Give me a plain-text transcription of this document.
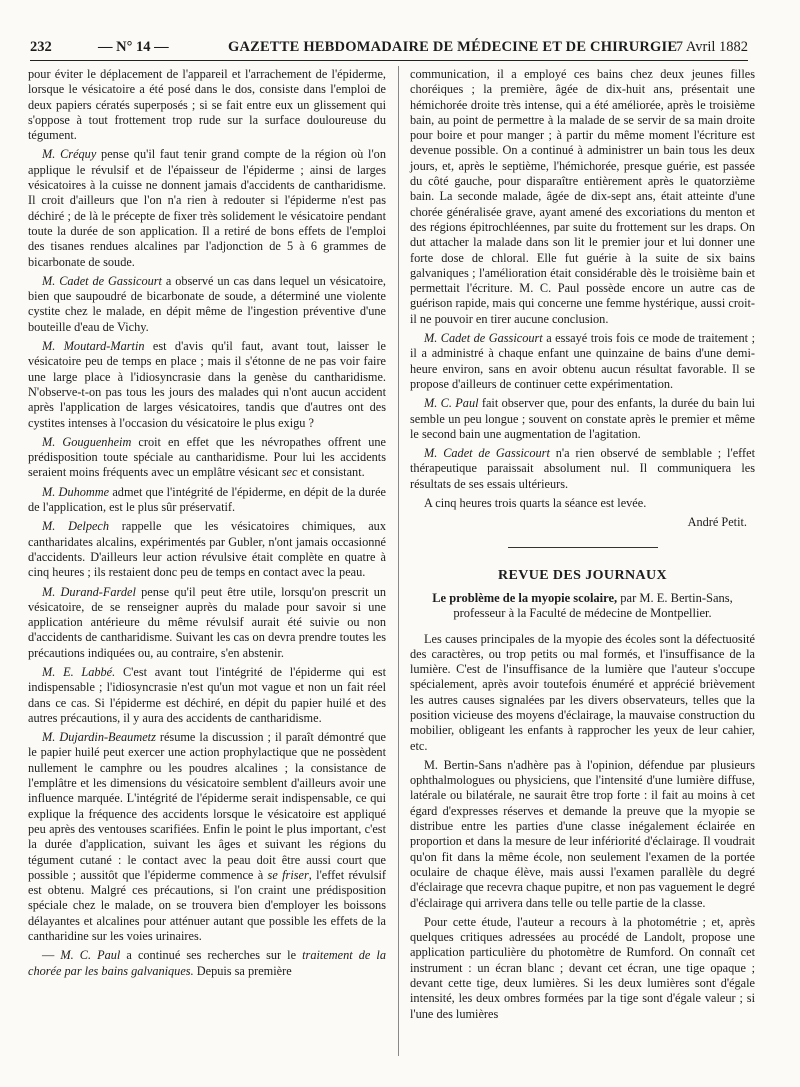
232	— N° 14 —	GAZETTE HEBDOMADAIRE DE MÉDECINE ET DE CHIRURGIE
7 Avril 1882

pour éviter le déplacement de l'appareil et l'arrachement de l'épiderme, lorsque le vésicatoire a été posé dans le dos, consiste dans l'emploi de deux papiers cératés superposés ; si se fait entre eux un glissement qui s'oppose à tout frottement trop rude sur la surface douloureuse du tégument.

M. Créquy pense qu'il faut tenir grand compte de la région où l'on applique le révulsif et de l'épaisseur de l'épiderme ; ainsi de larges vésicatoires à la cuisse ne donnent jamais d'accidents de cantharidisme. Il croit d'ailleurs que l'on n'a rien à redouter si l'épiderme n'est pas déchiré ; de là le précepte de fixer très solidement le vésicatoire pendant toute la durée de son application. Il a retiré de bons effets de l'emploi des tisanes rendues alcalines par l'adjonction de 5 à 6 grammes de bicarbonate de soude.

M. Cadet de Gassicourt a observé un cas dans lequel un vésicatoire, bien que saupoudré de bicarbonate de soude, a déterminé une violente cystite chez le malade, en dépit même de l'ingestion préventive d'une bouteille d'eau de Vichy.

M. Moutard-Martin est d'avis qu'il faut, avant tout, laisser le vésicatoire peu de temps en place ; mais il s'étonne de ne pas voir faire une large place à l'idiosyncrasie dans la genèse du cantharidisme. N'observe-t-on pas tous les jours des malades qui n'ont aucun accident après l'application de larges vésicatoires, tandis que d'autres ont des cystites intenses à l'occasion du vésicatoire le plus exigu ?

M. Gouguenheim croit en effet que les névropathes offrent une prédisposition toute spéciale au cantharidisme. Pour lui les accidents seraient moins fréquents avec un emplâtre vésicant sec et consistant.

M. Duhomme admet que l'intégrité de l'épiderme, en dépit de la durée de l'application, est le plus sûr préservatif.

M. Delpech rappelle que les vésicatoires chimiques, aux cantharidates alcalins, expérimentés par Gubler, n'ont jamais occasionné d'accidents. D'ailleurs leur action révulsive était complète en quatre à cinq heures ; ils restaient donc peu de temps en contact avec la peau.

M. Durand-Fardel pense qu'il peut être utile, lorsqu'on prescrit un vésicatoire, de se renseigner auprès du malade pour savoir si une application antérieure du même révulsif aurait été suivie ou non d'accidents de cantharidisme. Suivant les cas on devra prendre toutes les précautions indiquées ou, au contraire, s'en abstenir.

M. E. Labbé. C'est avant tout l'intégrité de l'épiderme qui est indispensable ; l'idiosyncrasie n'est qu'un mot vague et non un fait réel dans ce cas. Si l'épiderme est déchiré, en dépit du papier huilé et des autres précautions, il y aura des accidents de cantharidisme.

M. Dujardin-Beaumetz résume la discussion ; il paraît démontré que le papier huilé peut exercer une action prophylactique que ne possèdent nullement le camphre ou les poudres alcalines ; la consistance de l'emplâtre et les dimensions du vésicatoire semblent d'ailleurs avoir une influence marquée. L'intégrité de l'épiderme serait indispensable, ce qui explique la fréquence des accidents lorsque le vésicatoire est appliqué peu après des ventouses scarifiées. Enfin le point le plus important, c'est la durée d'application, suivant les âges et suivant les régions du tégument cutané : le contact avec la peau doit être aussi court que possible ; aussitôt que l'épiderme commence à se friser, l'effet révulsif est obtenu. Malgré ces précautions, si l'on craint une prédisposition spéciale chez le malade, on se trouvera bien d'employer les boissons délayantes et alcalines pour atténuer autant que possible les effets de la cantharidine sur les voies urinaires.

— M. C. Paul a continué ses recherches sur le traitement de la chorée par les bains galvaniques. Depuis sa première

communication, il a employé ces bains chez deux jeunes filles choréiques ; la première, âgée de dix-huit ans, présentait une hémichorée droite très intense, qui a été améliorée, après le troisième bain, au point de permettre à la malade de se servir de sa main droite pour boire et pour manger ; à partir du même moment l'écriture est devenue possible. On a continué à administrer un bain tous les deux jours, et, après le septième, l'hémichorée, presque guérie, est passée du côté gauche, pour disparaître entièrement après le quatorzième bain. La seconde malade, âgée de dix-sept ans, était atteinte d'une chorée généralisée grave, ayant amené des excoriations du menton et des régions épitrochléennes, par suite du frottement sur les draps. On dut attacher la malade dans son lit le premier jour et lui donner une forte dose de chloral. Elle fut guérie à la suite de six bains galvaniques ; l'amélioration était considérable dès le troisième bain et permettait l'écriture. M. C. Paul possède encore un autre cas de guérison rapide, mais qui concerne une femme hystérique, aussi croit-il ne pouvoir en tirer aucune conclusion.

M. Cadet de Gassicourt a essayé trois fois ce mode de traitement ; il a administré à chaque enfant une quinzaine de bains d'une demi-heure environ, sans en avoir obtenu aucun résultat favorable. Il se propose d'ailleurs de continuer cette expérimentation.

M. C. Paul fait observer que, pour des enfants, la durée du bain lui semble un peu longue ; souvent on constate après le premier et même le second bain une augmentation de l'agitation.

M. Cadet de Gassicourt n'a rien observé de semblable ; l'effet thérapeutique paraissait absolument nul. Il communiquera les résultats de ses essais ultérieurs.

A cinq heures trois quarts la séance est levée.

André Petit.
REVUE DES JOURNAUX
Le problème de la myopie scolaire, par M. E. Bertin-Sans, professeur à la Faculté de médecine de Montpellier.

Les causes principales de la myopie des écoles sont la défectuosité des caractères, ou trop petits ou mal formés, et l'insuffisance de la lumière. C'est de l'insuffisance de la lumière que l'auteur s'occupe spécialement, après avoir toutefois énuméré et apprécié brièvement les autres causes signalées par les divers observateurs, telles que la position vicieuse des moyens d'éclairage, la mauvaise construction du mobilier, obligeant les enfants à rapprocher les yeux de leur cahier, etc.

M. Bertin-Sans n'adhère pas à l'opinion, défendue par plusieurs ophthalmologues ou physiciens, que l'intensité d'une lumière diffuse, latérale ou bilatérale, ne saurait être trop forte : il fait au moins à cet égard d'expresses réserves et demande la preuve que la myopie se distribue entre les parties d'une classe inégalement éclairée en proportion et dans la mesure de leur infériorité d'éclairage. Il voudrait qu'on fit dans la même école, non seulement l'examen de la portée oculaire de chaque élève, mais aussi l'examen parallèle du degré d'éclairage que recevra chaque pupitre, et non pas vaguement le degré d'éclairage qui arrivera dans telle ou telle partie de la classe.

Pour cette étude, l'auteur a recours à la photométrie ; et, après quelques critiques adressées au procédé de Landolt, propose une application particulière du photomètre de Rumford. On connaît cet instrument : un écran blanc ; devant cet écran, une tige opaque ; devant cette tige, deux lumières. Si les deux lumières sont d'égale intensité, les deux ombres formées par la tige sont d'égale valeur ; si l'une des lumières
